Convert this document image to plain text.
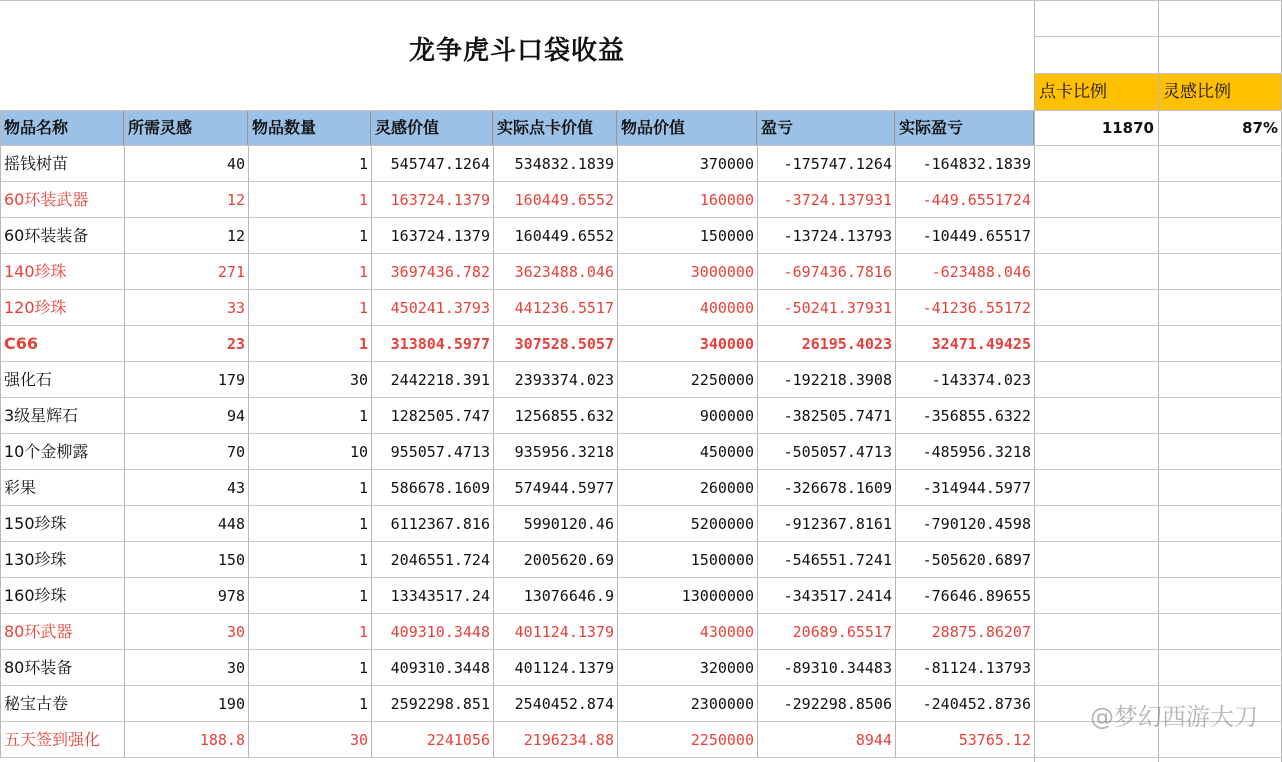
龙争虎斗口袋收益
点卡比例	灵感比例
11870	87%
物品名称	所需灵感	物品数量	灵感价值	实际点卡价值	物品价值	盈亏	实际盈亏
摇钱树苗	40	1	545747.1264	534832.1839	370000	-175747.1264	-164832.1839
60环装武器	12	1	163724.1379	160449.6552	160000	-3724.137931	-449.6551724
60环装装备	12	1	163724.1379	160449.6552	150000	-13724.13793	-10449.65517
140珍珠	271	1	3697436.782	3623488.046	3000000	-697436.7816	-623488.046
120珍珠	33	1	450241.3793	441236.5517	400000	-50241.37931	-41236.55172
C66	23	1	313804.5977	307528.5057	340000	26195.4023	32471.49425
强化石	179	30	2442218.391	2393374.023	2250000	-192218.3908	-143374.023
3级星辉石	94	1	1282505.747	1256855.632	900000	-382505.7471	-356855.6322
10个金柳露	70	10	955057.4713	935956.3218	450000	-505057.4713	-485956.3218
彩果	43	1	586678.1609	574944.5977	260000	-326678.1609	-314944.5977
150珍珠	448	1	6112367.816	5990120.46	5200000	-912367.8161	-790120.4598
130珍珠	150	1	2046551.724	2005620.69	1500000	-546551.7241	-505620.6897
160珍珠	978	1	13343517.24	13076646.9	13000000	-343517.2414	-76646.89655
80环武器	30	1	409310.3448	401124.1379	430000	20689.65517	28875.86207
80环装备	30	1	409310.3448	401124.1379	320000	-89310.34483	-81124.13793
秘宝古卷	190	1	2592298.851	2540452.874	2300000	-292298.8506	-240452.8736
五天签到强化	188.8	30	2241056	2196234.88	2250000	8944	53765.12
@梦幻西游大刀
